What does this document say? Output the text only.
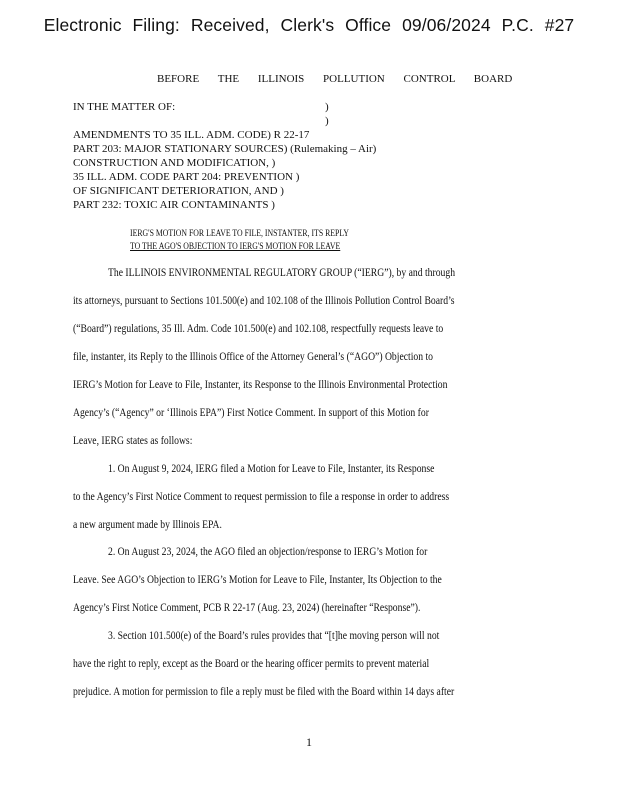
Electronic Filing: Received, Clerk's Office 09/06/2024 P.C. #27
BEFORE THE ILLINOIS POLLUTION CONTROL BOARD
IN THE MATTER OF:	)
)
AMENDMENTS TO 35 ILL. ADM. CODE) R 22-17
PART 203: MAJOR STATIONARY SOURCES) (Rulemaking – Air)
CONSTRUCTION AND MODIFICATION, )
35 ILL. ADM. CODE PART 204: PREVENTION )
OF SIGNIFICANT DETERIORATION, AND )
PART 232: TOXIC AIR CONTAMINANTS )
IERG'S MOTION FOR LEAVE TO FILE, INSTANTER, ITS REPLY
TO THE AGO'S OBJECTION TO IERG'S MOTION FOR LEAVE
The ILLINOIS ENVIRONMENTAL REGULATORY GROUP (“IERG”), by and through
its attorneys, pursuant to Sections 101.500(e) and 102.108 of the Illinois Pollution Control Board’s
(“Board”) regulations, 35 Ill. Adm. Code 101.500(e) and 102.108, respectfully requests leave to
file, instanter, its Reply to the Illinois Office of the Attorney General’s (“AGO”) Objection to
IERG’s Motion for Leave to File, Instanter, its Response to the Illinois Environmental Protection
Agency’s (“Agency” or ‘Illinois EPA”) First Notice Comment. In support of this Motion for
Leave, IERG states as follows:
1. On August 9, 2024, IERG filed a Motion for Leave to File, Instanter, its Response
to the Agency’s First Notice Comment to request permission to file a response in order to address
a new argument made by Illinois EPA.
2. On August 23, 2024, the AGO filed an objection/response to IERG’s Motion for
Leave. See AGO’s Objection to IERG’s Motion for Leave to File, Instanter, Its Objection to the
Agency’s First Notice Comment, PCB R 22-17 (Aug. 23, 2024) (hereinafter “Response”).
3. Section 101.500(e) of the Board’s rules provides that “[t]he moving person will not
have the right to reply, except as the Board or the hearing officer permits to prevent material
prejudice. A motion for permission to file a reply must be filed with the Board within 14 days after
1
